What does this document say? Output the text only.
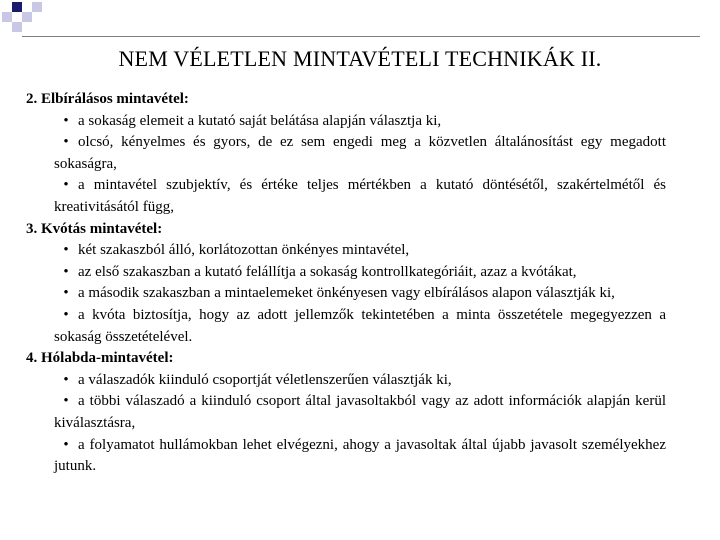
NEM VÉLETLEN MINTAVÉTELI TECHNIKÁK II.
2. Elbírálásos mintavétel:
• a sokaság elemeit a kutató saját belátása alapján választja ki,
• olcsó, kényelmes és gyors, de ez sem engedi meg a közvetlen általánosítást egy megadott sokaságra,
• a mintavétel szubjektív, és értéke teljes mértékben a kutató döntésétől, szakértelmétől és kreativitásától függ,
3. Kvótás mintavétel:
• két szakaszból álló, korlátozottan önkényes mintavétel,
• az első szakaszban a kutató felállítja a sokaság kontrollkategóriáit, azaz a kvótákat,
• a második szakaszban a mintaelemeket önkényesen vagy elbírálásos alapon választják ki,
• a kvóta biztosítja, hogy az adott jellemzők tekintetében a minta összetétele megegyezzen a sokaság összetételével.
4. Hólabda-mintavétel:
• a válaszadók kiinduló csoportját véletlenszerűen választják ki,
• a többi válaszadó a kiinduló csoport által javasoltakból vagy az adott információk alapján kerül kiválasztásra,
• a folyamatot hullámokban lehet elvégezni, ahogy a javasoltak által újabb javasolt személyekhez jutunk.
